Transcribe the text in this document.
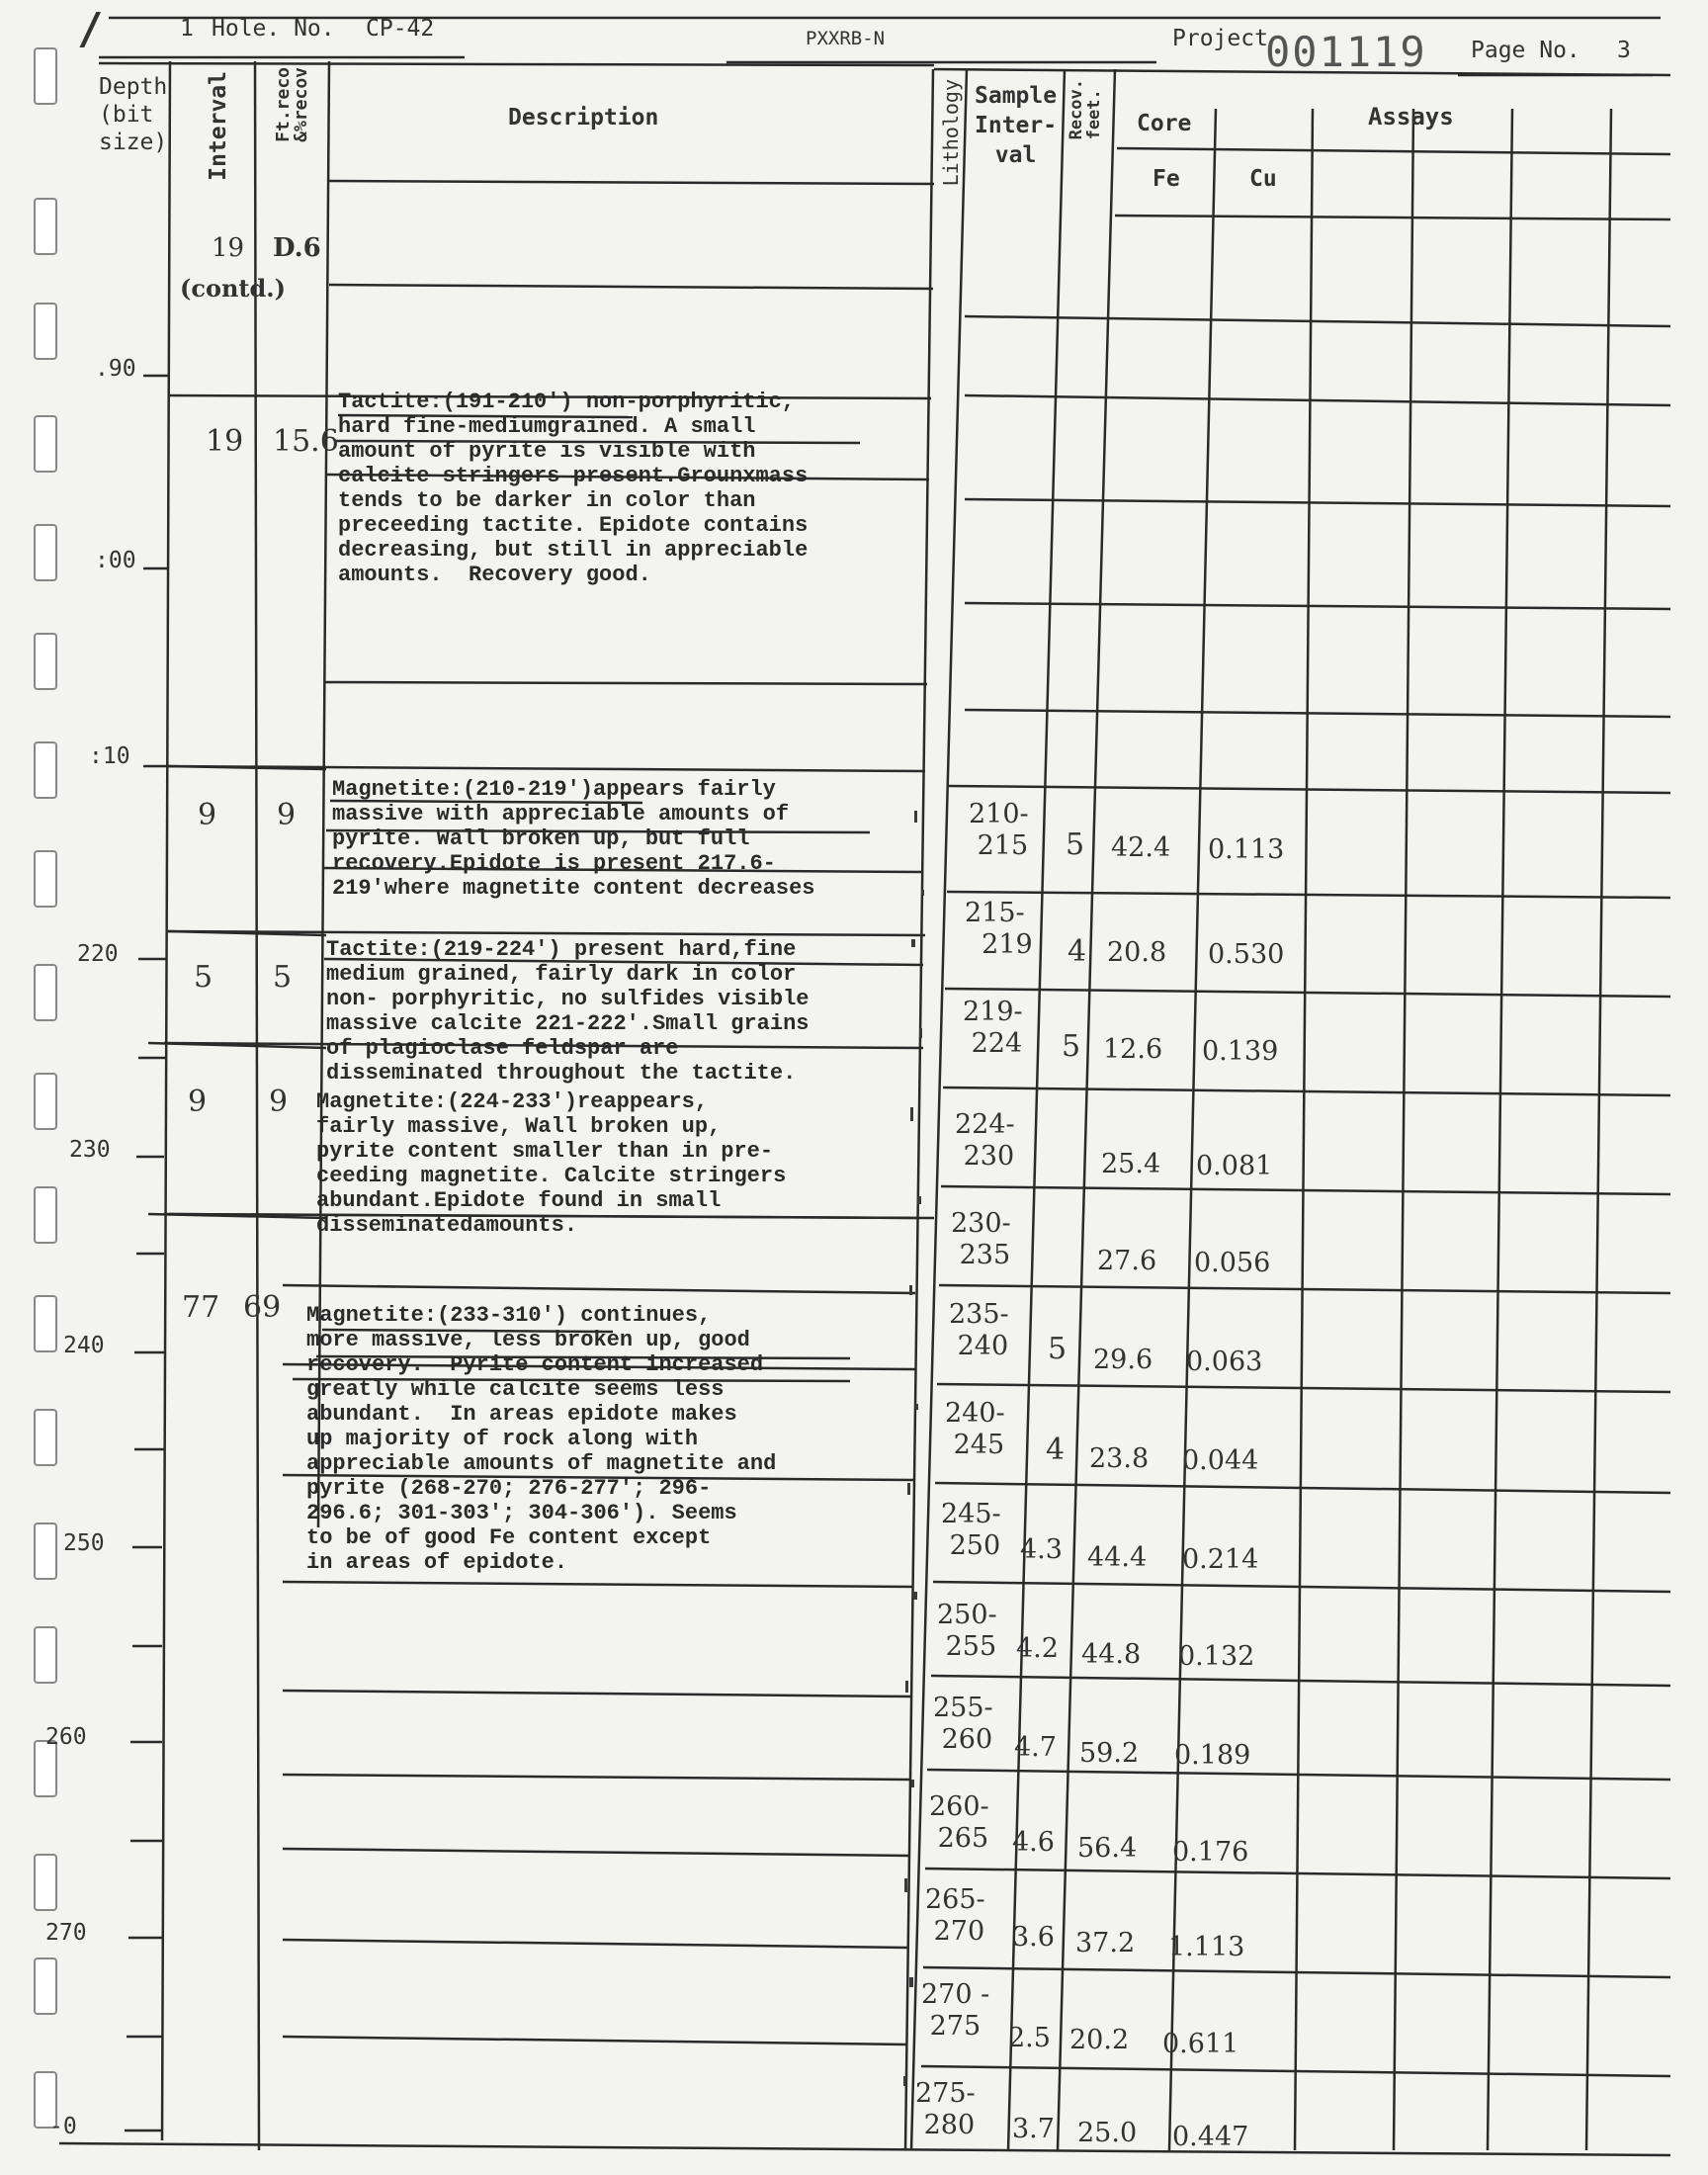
/	1 Hole. No. CP-42	PXXRB-N	Project
001119 Page No. 3
Depth
(bit
size) Interval Ft.reco
&%recov	Description	Lithology Sample
Inter-
val
Recov.
feet. Core	Assays
Fe	Cu
.90
:00
:10
220
230
240
250
260
270
-0
19 D.6
(contd.)
19 15.6
9 9
5 5
9 9
77 69
Tactite:(191-210') non-porphyritic,
hard fine-mediumgrained. A small
amount of pyrite is visible with
calcite stringers present.Grounxmass
tends to be darker in color than
preceeding tactite. Epidote contains
decreasing, but still in appreciable
amounts.  Recovery good.
Magnetite:(210-219')appears fairly
massive with appreciable amounts of
pyrite. Wall broken up, but full
recovery.Epidote is present 217.6-
219'where magnetite content decreases
Tactite:(219-224') present hard,fine
medium grained, fairly dark in color
non- porphyritic, no sulfides visible
massive calcite 221-222'.Small grains
of plagioclase feldspar are
disseminated throughout the tactite.
Magnetite:(224-233')reappears,
fairly massive, Wall broken up,
pyrite content smaller than in pre-
ceeding magnetite. Calcite stringers
abundant.Epidote found in small
disseminatedamounts.
Magnetite:(233-310') continues,
more massive, less broken up, good
recovery.  Pyrite content increased
greatly while calcite seems less
abundant.  In areas epidote makes
up majority of rock along with
appreciable amounts of magnetite and
pyrite (268-270; 276-277'; 296-
296.6; 301-303'; 304-306'). Seems
to be of good Fe content except
in areas of epidote.
210-
215 5 42.4 0.113
215-
219 4 20.8 0.530
219-
224 5 12.6 0.139
224-
230	25.4 0.081
230-
235	27.6 0.056
235-
240 5 29.6 0.063
240-
245 4 23.8 0.044
245-
250 4.3 44.4 0.214
250-
255 4.2 44.8 0.132
255-
260 4.7 59.2 0.189
260-
265 4.6 56.4 0.176
265-
270 3.6 37.2 1.113
270 -
275	2.5 20.2 0.611
275-
280 3.7 25.0 0.447
